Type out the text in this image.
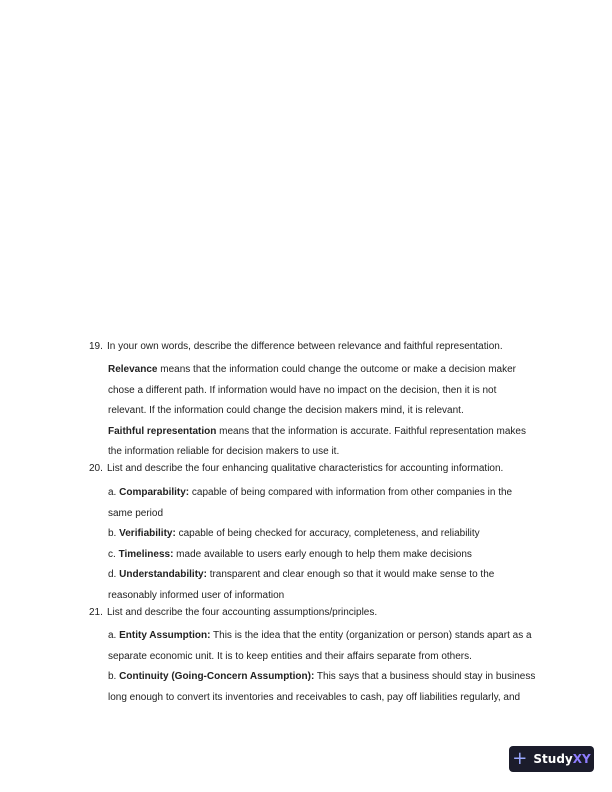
19. In your own words, describe the difference between relevance and faithful representation.

Relevance means that the information could change the outcome or make a decision maker

chose a different path. If information would have no impact on the decision, then it is not

relevant. If the information could change the decision makers mind, it is relevant.

Faithful representation means that the information is accurate. Faithful representation makes

the information reliable for decision makers to use it.

20. List and describe the four enhancing qualitative characteristics for accounting information.

a. Comparability: capable of being compared with information from other companies in the

same period

b. Verifiability: capable of being checked for accuracy, completeness, and reliability

c. Timeliness: made available to users early enough to help them make decisions

d. Understandability: transparent and clear enough so that it would make sense to the

reasonably informed user of information

21. List and describe the four accounting assumptions/principles.

a. Entity Assumption: This is the idea that the entity (organization or person) stands apart as a

separate economic unit. It is to keep entities and their affairs separate from others.

b. Continuity (Going-Concern Assumption): This says that a business should stay in business

long enough to convert its inventories and receivables to cash, pay off liabilities regularly, and

+ Study XY
